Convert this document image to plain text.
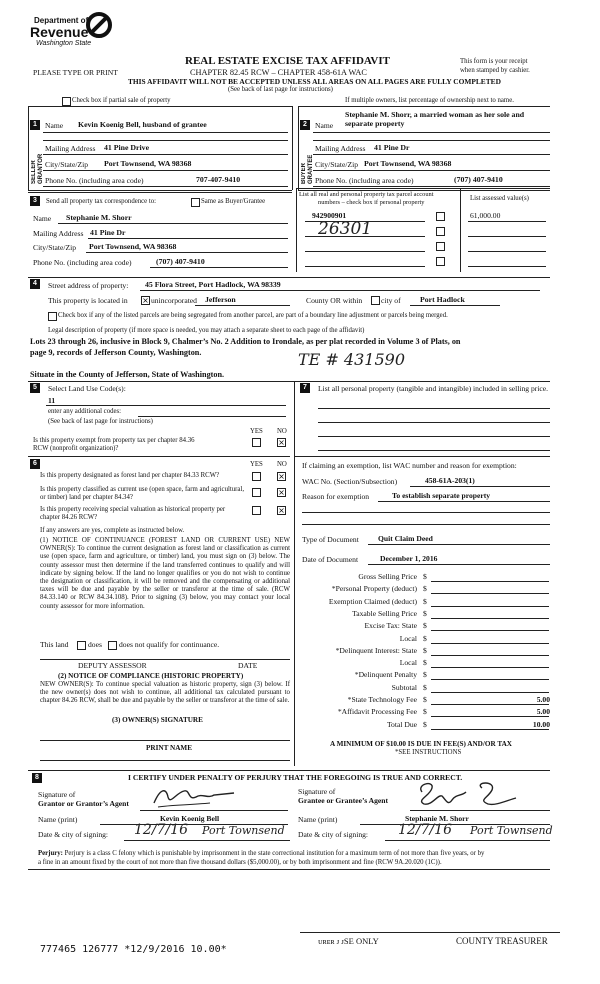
Department of
Revenue
Washington State
PLEASE TYPE OR PRINT
REAL ESTATE EXCISE TAX AFFIDAVIT
CHAPTER 82.45 RCW – CHAPTER 458-61A WAC
THIS AFFIDAVIT WILL NOT BE ACCEPTED UNLESS ALL AREAS ON ALL PAGES ARE FULLY COMPLETED
(See back of last page for instructions)
This form is your receipt
when stamped by cashier.
Check box if partial sale of property	If multiple owners, list percentage of ownership next to name.
1
SELLER GRANTOR
Name Kevin Koenig Bell, husband of grantee
Mailing Address 41 Pine Drive
City/State/Zip Port Townsend, WA 98368
Phone No. (including area code)	707-407-9410
2
BUYER GRANTEE
Name
Stephanie M. Shorr, a married woman as her sole and
separate property
Mailing Address 41 Pine Dr
City/State/Zip Port Townsend, WA 98368
Phone No. (including area code)	(707) 407-9410
3	Send all property tax correspondence to:	Same as Buyer/Grantee
Name Stephanie M. Shorr
Mailing Address 41 Pine Dr
City/State/Zip Port Townsend, WA 98368
Phone No. (including area code)	(707) 407-9410
List all real and personal property tax parcel account
numbers – check box if personal property
List assessed value(s)
942900901	61,000.00
26301
4	Street address of property: 45 Flora Street, Port Hadlock, WA 98339
This property is located in × unincorporated Jefferson	County OR within city of Port Hadlock
Check box if any of the listed parcels are being segregated from another parcel, are part of a boundary line adjustment or parcels being merged.
Legal description of property (if more space is needed, you may attach a separate sheet to each page of the affidavit)
Lots 23 through 26, inclusive in Block 9, Chalmer’s No. 2 Addition to Irondale, as per plat recorded in Volume 3 of Plats, on
page 9, records of Jefferson County, Washington.	TE # 431590
Situate in the County of Jefferson, State of Washington.
5	Select Land Use Code(s):
11
enter any additional codes:
(See back of last page for instructions)
YES NO
Is this property exempt from property tax per chapter 84.36 RCW (nonprofit organization)?
×
6	YES NO
Is this property designated as forest land per chapter 84.33 RCW?	×
Is this property classified as current use (open space, farm and agricultural, or timber) land per chapter 84.34?
×
Is this property receiving special valuation as historical property per chapter 84.26 RCW?
×
If any answers are yes, complete as instructed below.
(1) NOTICE OF CONTINUANCE (FOREST LAND OR CURRENT USE) NEW OWNER(S): To continue the current designation as forest land or classification as current use (open space, farm and agriculture, or timber) land, you must sign on (3) below. The county assessor must then determine if the land transferred continues to qualify and will indicate by signing below. If the land no longer qualifies or you do not wish to continue the designation or classification, it will be removed and the compensating or additional taxes will be due and payable by the seller or transferor at the time of sale. (RCW 84.33.140 or RCW 84.34.108). Prior to signing (3) below, you may contact your local county assessor for more information.
This land	does does not qualify for continuance.
DEPUTY ASSESSOR	DATE
(2) NOTICE OF COMPLIANCE (HISTORIC PROPERTY)
NEW OWNER(S): To continue special valuation as historic property, sign (3) below. If the new owner(s) does not wish to continue, all additional tax calculated pursuant to chapter 84.26 RCW, shall be due and payable by the seller or transferor at the time of sale.
(3) OWNER(S) SIGNATURE
PRINT NAME
7	List all personal property (tangible and intangible) included in selling price.
If claiming an exemption, list WAC number and reason for exemption:
WAC No. (Section/Subsection)	458-61A-203(1)
Reason for exemption	To establish separate property
Type of Document	Quit Claim Deed
Date of Document	December 1, 2016
Gross Selling Price $
*Personal Property (deduct) $
Exemption Claimed (deduct) $
Taxable Selling Price $
Excise Tax: State $
Local $
*Delinquent Interest: State $
Local $
*Delinquent Penalty $
Subtotal $
*State Technology Fee $	5.00
*Affidavit Processing Fee $	5.00
Total Due $	10.00
A MINIMUM OF $10.00 IS DUE IN FEE(S) AND/OR TAX
*SEE INSTRUCTIONS
8	I CERTIFY UNDER PENALTY OF PERJURY THAT THE FOREGOING IS TRUE AND CORRECT.
Signature of
Grantor or Grantor’s Agent
Signature of
Grantee or Grantee’s Agent
Name (print)	Kevin Koenig Bell	Name (print)	Stephanie M. Shorr
Date & city of signing: 12/7/16 Port Townsend Date & city of signing: 12/7/16 Port Townsend
Perjury: Perjury is a class C felony which is punishable by imprisonment in the state correctional institution for a maximum term of not more than five years, or by
a fine in an amount fixed by the court of not more than five thousand dollars ($5,000.00), or by both imprisonment and fine (RCW 9A.20.020 (1C)).
777465 126777 *12/9/2016 10.00*
ᴜʀᴇʀ ᴊ ᴊSE ONLY	COUNTY TREASURER
